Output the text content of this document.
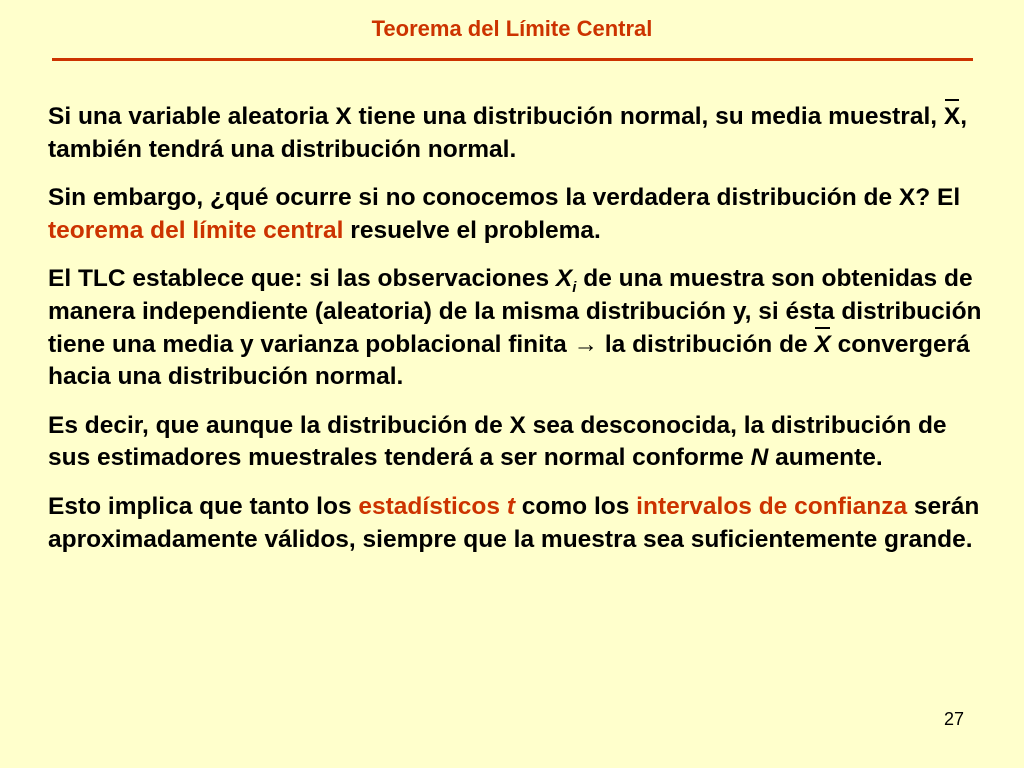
Teorema del Límite Central

Si una variable aleatoria X tiene una distribución normal, su media muestral, X, también tendrá una distribución normal.

Sin embargo, ¿qué ocurre si no conocemos la verdadera distribución de X? El teorema del límite central resuelve el problema.

El TLC establece que: si las observaciones $X_i$ de una muestra son obtenidas de manera independiente (aleatoria) de la misma distribución y, si ésta distribución tiene una media y varianza poblacional finita → la distribución de X convergerá hacia una distribución normal.

Es decir, que aunque la distribución de X sea desconocida, la distribución de sus estimadores muestrales tenderá a ser normal conforme N aumente.

Esto implica que tanto los estadísticos t como los intervalos de confianza serán aproximadamente válidos, siempre que la muestra sea suficientemente grande.

27
